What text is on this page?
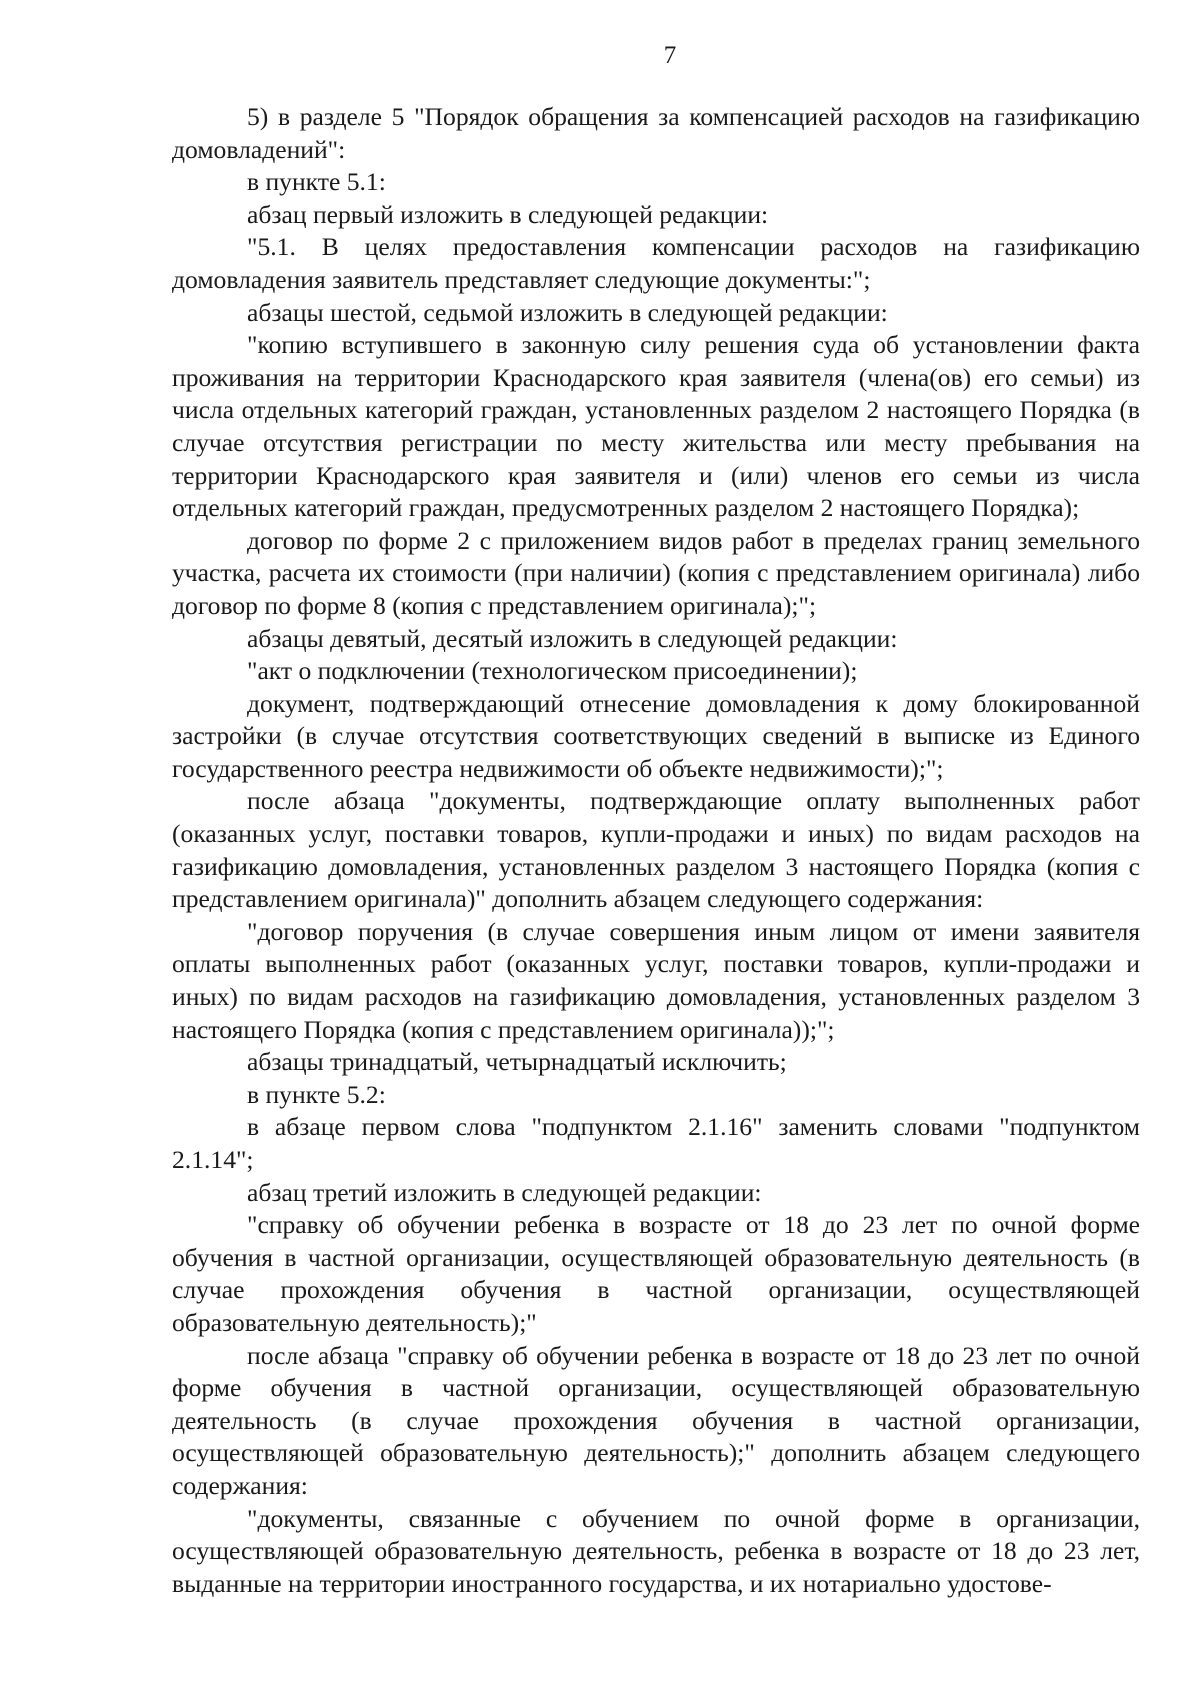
7

5) в разделе 5 "Порядок обращения за компенсацией расходов на газификацию домовладений":

в пункте 5.1:

абзац первый изложить в следующей редакции:

"5.1. В целях предоставления компенсации расходов на газификацию домовладения заявитель представляет следующие документы:";

абзацы шестой, седьмой изложить в следующей редакции:

"копию вступившего в законную силу решения суда об установлении факта проживания на территории Краснодарского края заявителя (члена(ов) его семьи) из числа отдельных категорий граждан, установленных разделом 2 настоящего Порядка (в случае отсутствия регистрации по месту жительства или месту пребывания на территории Краснодарского края заявителя и (или) членов его семьи из числа отдельных категорий граждан, предусмотренных разделом 2 настоящего Порядка);

договор по форме 2 с приложением видов работ в пределах границ земельного участка, расчета их стоимости (при наличии) (копия с представлением оригинала) либо договор по форме 8 (копия с представлением оригинала);";

абзацы девятый, десятый изложить в следующей редакции:

"акт о подключении (технологическом присоединении);

документ, подтверждающий отнесение домовладения к дому блокированной застройки (в случае отсутствия соответствующих сведений в выписке из Единого государственного реестра недвижимости об объекте недвижимости);";

после абзаца "документы, подтверждающие оплату выполненных работ (оказанных услуг, поставки товаров, купли-продажи и иных) по видам расходов на газификацию домовладения, установленных разделом 3 настоящего Порядка (копия с представлением оригинала)" дополнить абзацем следующего содержания:

"договор поручения (в случае совершения иным лицом от имени заявителя оплаты выполненных работ (оказанных услуг, поставки товаров, купли-продажи и иных) по видам расходов на газификацию домовладения, установленных разделом 3 настоящего Порядка (копия с представлением оригинала));";

абзацы тринадцатый, четырнадцатый исключить;

в пункте 5.2:

в абзаце первом слова "подпунктом 2.1.16" заменить словами "подпунктом 2.1.14";

абзац третий изложить в следующей редакции:

"справку об обучении ребенка в возрасте от 18 до 23 лет по очной форме обучения в частной организации, осуществляющей образовательную деятельность (в случае прохождения обучения в частной организации, осуществляющей образовательную деятельность);"

после абзаца "справку об обучении ребенка в возрасте от 18 до 23 лет по очной форме обучения в частной организации, осуществляющей образовательную деятельность (в случае прохождения обучения в частной организации, осуществляющей образовательную деятельность);" дополнить абзацем следующего содержания:

"документы, связанные с обучением по очной форме в организации, осуществляющей образовательную деятельность, ребенка в возрасте от 18 до 23 лет, выданные на территории иностранного государства, и их нотариально удостове-
